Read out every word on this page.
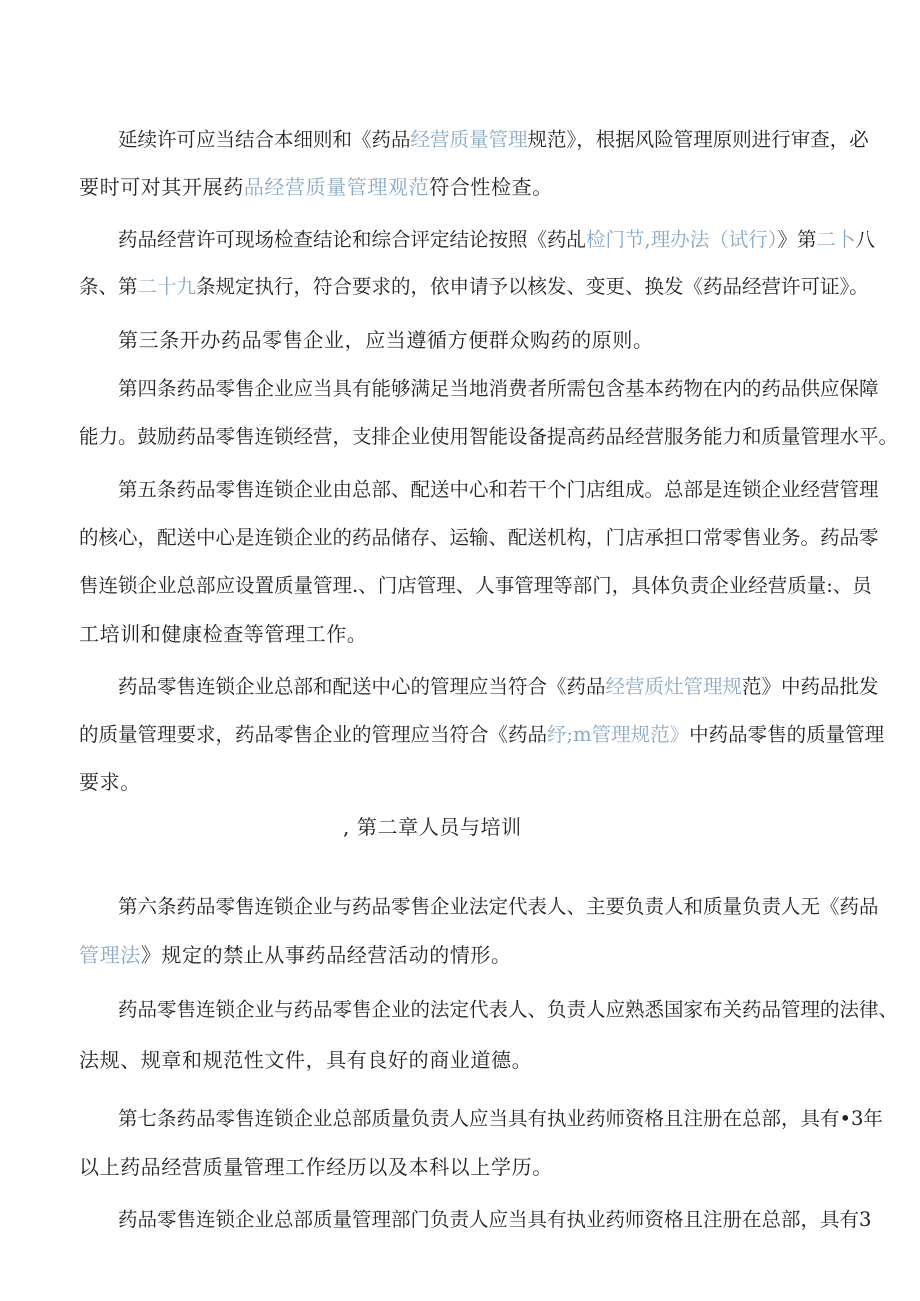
延续许可应当结合本细则和《药品经营质量管理规范》，根据风险管理原则进行审查，必
要时可对其开展药品经营质量管理观范符合性检查。
药品经营许可现场检查结论和综合评定结论按照《药乩检门节,理办法（试行）》第二卜八
条、第二十九条规定执行，符合要求的，依申请予以核发、变更、换发《药品经营许可证》。
第三条开办药品零售企业，应当遵循方便群众购药的原则。
第四条药品零售企业应当具有能够满足当地消费者所需包含基本药物在内的药品供应保障
能力。鼓励药品零售连锁经营，支排企业使用智能设备提高药品经营服务能力和质量管理水平。
第五条药品零售连锁企业由总部、配送中心和若干个门店组成。总部是连锁企业经营管理
的核心，配送中心是连锁企业的药品储存、运输、配送机构，门店承担口常零售业务。药品零
售连锁企业总部应设置质量管理.、门店管理、人事管理等部门，具体负责企业经营质量:、员
工培训和健康检查等管理工作。
药品零售连锁企业总部和配送中心的管理应当符合《药品经营质灶管理规范》中药品批发
的质量管理要求，药品零售企业的管理应当符合《药品纾;m管理规范》中药品零售的质量管理
要求。
, 第二章人员与培训
第六条药品零售连锁企业与药品零售企业法定代表人、主要负责人和质量负责人无《药品
管理法》规定的禁止从事药品经营活动的情形。
药品零售连锁企业与药品零售企业的法定代表人、负责人应熟悉国家布关药品管理的法律、
法规、规章和规范性文件，具有良好的商业道德。
第七条药品零售连锁企业总部质量负责人应当具有执业药师资格且注册在总部，具有•3年
以上药品经营质量管理工作经历以及本科以上学历。
药品零售连锁企业总部质量管理部门负责人应当具有执业药师资格且注册在总部，具有3
